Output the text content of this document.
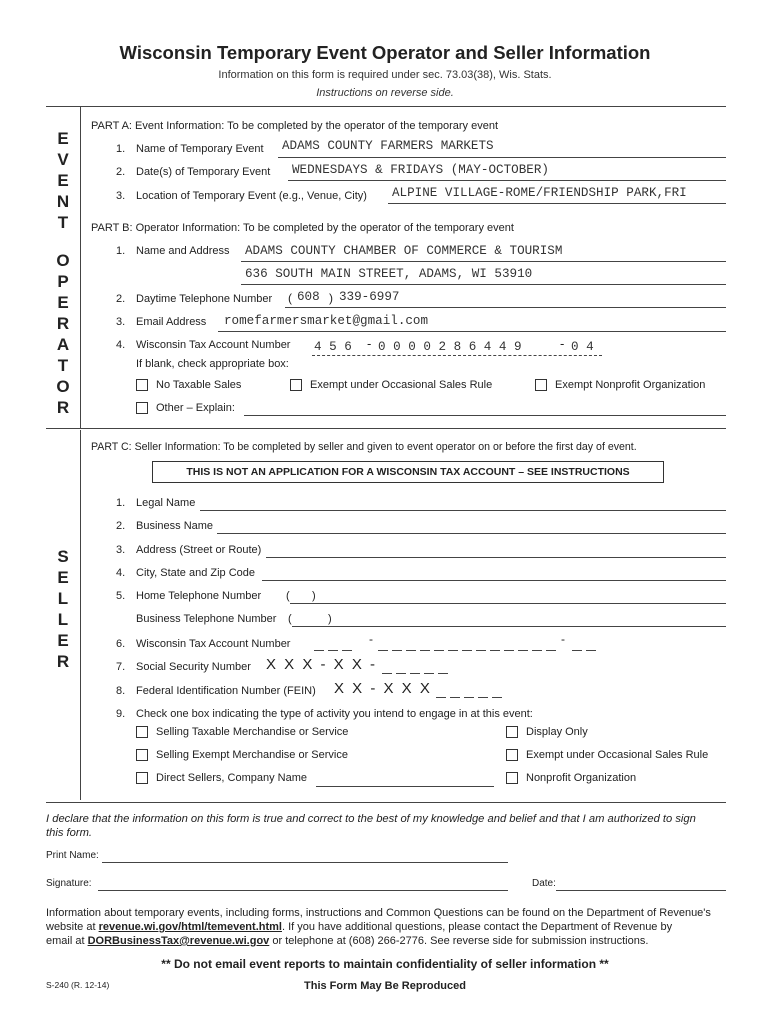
Wisconsin Temporary Event Operator and Seller Information
Information on this form is required under sec. 73.03(38), Wis. Stats.
Instructions on reverse side.
E
V
E
N
T
O
P
E
R
A
T
O
R
S
E
L
L
E
R
PART A: Event Information: To be completed by the operator of the temporary event
1. Name of Temporary Event ADAMS COUNTY FARMERS MARKETS
2. Date(s) of Temporary Event WEDNESDAYS & FRIDAYS (MAY-OCTOBER)
3. Location of Temporary Event (e.g., Venue, City) ALPINE VILLAGE-ROME/FRIENDSHIP PARK,FRI
PART B: Operator Information: To be completed by the operator of the temporary event
1. Name and Address ADAMS COUNTY CHAMBER OF COMMERCE & TOURISM
636 SOUTH MAIN STREET, ADAMS, WI 53910
2. Daytime Telephone Number ( 608 ) 339-6997
3. Email Address romefarmersmarket@gmail.com
4. Wisconsin Tax Account Number 4 5 6 - 0 0 0 0 2 8 6 4 4 9	- 0 4
If blank, check appropriate box:
No Taxable Sales	Exempt under Occasional Sales Rule	Exempt Nonprofit Organization
Other – Explain:
PART C: Seller Information: To be completed by seller and given to event operator on or before the first day of event.
THIS IS NOT AN APPLICATION FOR A WISCONSIN TAX ACCOUNT – SEE INSTRUCTIONS
1. Legal Name
2. Business Name
3. Address (Street or Route)
4. City, State and Zip Code
5. Home Telephone Number ( )
Business Telephone Number (	)
6. Wisconsin Tax Account Number	-	-
7. Social Security Number X X X - X X -
8. Federal Identification Number (FEIN) X X - X X X
9. Check one box indicating the type of activity you intend to engage in at this event:
Selling Taxable Merchandise or Service	Display Only
Selling Exempt Merchandise or Service	Exempt under Occasional Sales Rule
Direct Sellers, Company Name	Nonprofit Organization
I declare that the information on this form is true and correct to the best of my knowledge and belief and that I am authorized to sign
this form.
Print Name:
Signature:	Date:
Information about temporary events, including forms, instructions and Common Questions can be found on the Department of Revenue's
website at revenue.wi.gov/html/temevent.html. If you have additional questions, please contact the Department of Revenue by
email at DORBusinessTax@revenue.wi.gov or telephone at (608) 266-2776. See reverse side for submission instructions.
** Do not email event reports to maintain confidentiality of seller information **
S-240 (R. 12-14)	This Form May Be Reproduced
